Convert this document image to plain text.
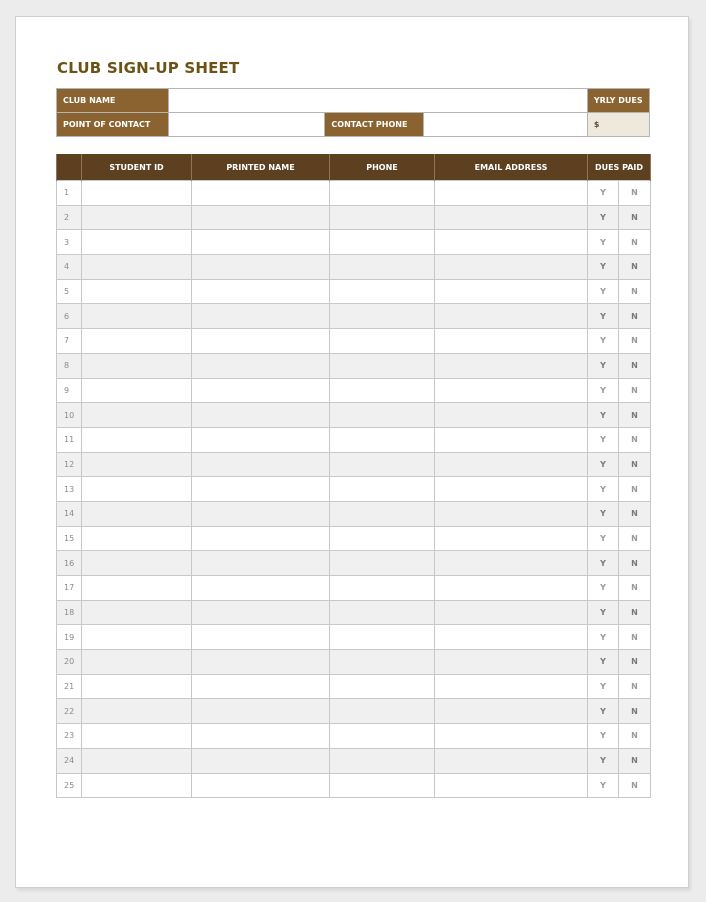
CLUB SIGN-UP SHEET
CLUB NAME				YRLY DUES
POINT OF CONTACT		CONTACT PHONE		$
	STUDENT ID	PRINTED NAME	PHONE	EMAIL ADDRESS	DUES PAID	
1					Y	N
2					Y	N
3					Y	N
4					Y	N
5					Y	N
6					Y	N
7					Y	N
8					Y	N
9					Y	N
10					Y	N
11					Y	N
12					Y	N
13					Y	N
14					Y	N
15					Y	N
16					Y	N
17					Y	N
18					Y	N
19					Y	N
20					Y	N
21					Y	N
22					Y	N
23					Y	N
24					Y	N
25					Y	N
